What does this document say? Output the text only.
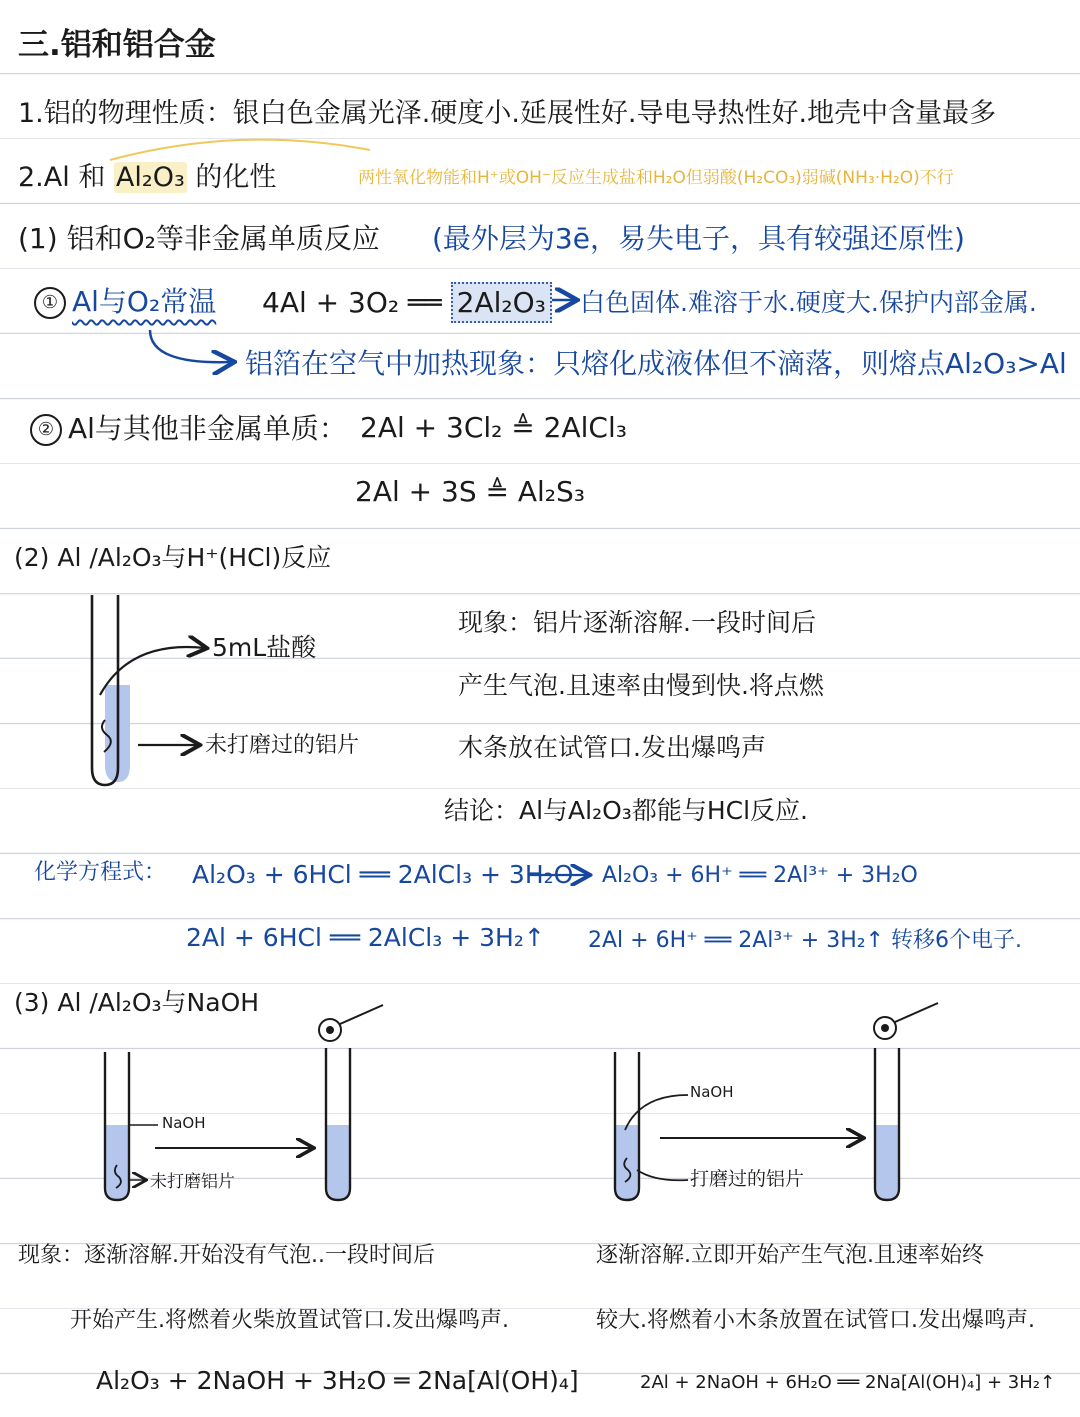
三.铝和铝合金
1.铝的物理性质：银白色金属光泽.硬度小.延展性好.导电导热性好.地壳中含量最多
2.Al 和 Al₂O₃ 的化性	两性氧化物能和H⁺或OH⁻反应生成盐和H₂O但弱酸(H₂CO₃)弱碱(NH₃·H₂O)不行
(1) 铝和O₂等非金属单质反应 (最外层为3ē，易失电子，具有较强还原性)
① Al与O₂常温 4Al + 3O₂ ══ 2Al₂O₃ 白色固体.难溶于水.硬度大.保护内部金属.
铝箔在空气中加热现象：只熔化成液体但不滴落，则熔点Al₂O₃>Al
② Al与其他非金属单质： 2Al + 3Cl₂ ≜ 2AlCl₃
2Al + 3S ≜ Al₂S₃
(2) Al /Al₂O₃与H⁺(HCl)反应
5mL盐酸
未打磨过的铝片
现象：铝片逐渐溶解.一段时间后
产生气泡.且速率由慢到快.将点燃
木条放在试管口.发出爆鸣声
结论：Al与Al₂O₃都能与HCl反应.
化学方程式： Al₂O₃ + 6HCl ══ 2AlCl₃ + 3H₂O Al₂O₃ + 6H⁺ ══ 2Al³⁺ + 3H₂O
2Al + 6HCl ══ 2AlCl₃ + 3H₂↑ 2Al + 6H⁺ ══ 2Al³⁺ + 3H₂↑ 转移6个电子.
(3) Al /Al₂O₃与NaOH
NaOH
未打磨铝片
NaOH
打磨过的铝片
现象：逐渐溶解.开始没有气泡..一段时间后
开始产生.将燃着火柴放置试管口.发出爆鸣声.
逐渐溶解.立即开始产生气泡.且速率始终
较大.将燃着小木条放置在试管口.发出爆鸣声.
Al₂O₃ + 2NaOH + 3H₂O ═ 2Na[Al(OH)₄]	2Al + 2NaOH + 6H₂O ══ 2Na[Al(OH)₄] + 3H₂↑
